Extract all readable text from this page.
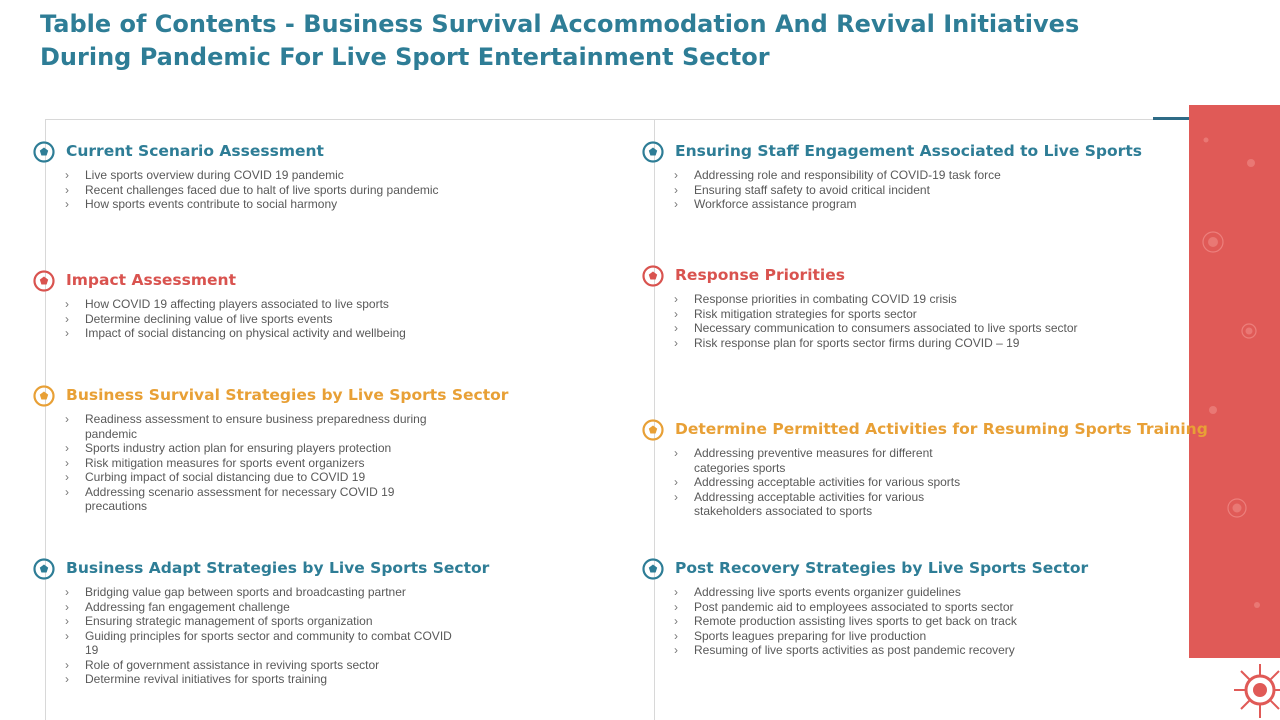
Table of Contents - Business Survival Accommodation And Revival Initiatives During Pandemic For Live Sport Entertainment Sector
Current Scenario Assessment
› Live sports overview during COVID 19 pandemic
› Recent challenges faced due to halt of live sports during pandemic
› How sports events contribute to social harmony
Impact Assessment
› How COVID 19 affecting players associated to live sports
› Determine declining value of live sports events
› Impact of social distancing on physical activity and wellbeing
Business Survival Strategies by Live Sports Sector
› Readiness assessment to ensure business preparedness during pandemic
› Sports industry action plan for ensuring players protection
› Risk mitigation measures for sports event organizers
› Curbing impact of social distancing due to COVID 19
› Addressing scenario assessment for necessary COVID 19 precautions
Business Adapt Strategies by Live Sports Sector
› Bridging value gap between sports and broadcasting partner
› Addressing fan engagement challenge
› Ensuring strategic management of sports organization
› Guiding principles for sports sector and community to combat COVID 19
› Role of government assistance in reviving sports sector
› Determine revival initiatives for sports training
Ensuring Staff Engagement Associated to Live Sports
› Addressing role and responsibility of COVID-19 task force
› Ensuring staff safety to avoid critical incident
› Workforce assistance program
Response Priorities
› Response priorities in combating COVID 19 crisis
› Risk mitigation strategies for sports sector
› Necessary communication to consumers associated to live sports sector
› Risk response plan for sports sector firms during COVID – 19
Determine Permitted Activities for Resuming Sports Training
› Addressing preventive measures for different categories sports
› Addressing acceptable activities for various sports
› Addressing acceptable activities for various stakeholders associated to sports
Post Recovery Strategies by Live Sports Sector
› Addressing live sports events organizer guidelines
› Post pandemic aid to employees associated to sports sector
› Remote production assisting lives sports to get back on track
› Sports leagues preparing for live production
› Resuming of live sports activities as post pandemic recovery
